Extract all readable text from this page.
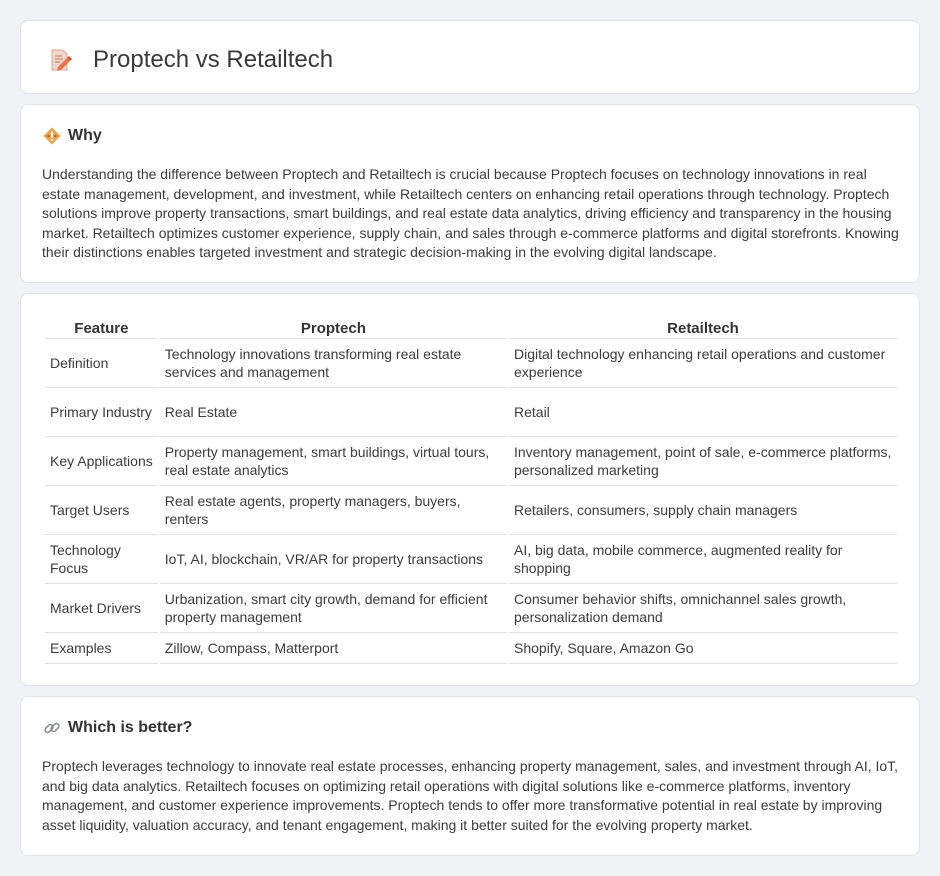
Proptech vs Retailtech
Why

Understanding the difference between Proptech and Retailtech is crucial because Proptech focuses on technology innovations in real estate management, development, and investment, while Retailtech centers on enhancing retail operations through technology. Proptech solutions improve property transactions, smart buildings, and real estate data analytics, driving efficiency and transparency in the housing market. Retailtech optimizes customer experience, supply chain, and sales through e-commerce platforms and digital storefronts. Knowing their distinctions enables targeted investment and strategic decision-making in the evolving digital landscape.

Feature	Proptech	Retailtech
Definition	Technology innovations transforming real estate services and management	Digital technology enhancing retail operations and customer experience
Primary Industry	Real Estate	Retail
Key Applications	Property management, smart buildings, virtual tours, real estate analytics	Inventory management, point of sale, e-commerce platforms, personalized marketing
Target Users	Real estate agents, property managers, buyers, renters	Retailers, consumers, supply chain managers
Technology Focus	IoT, AI, blockchain, VR/AR for property transactions	AI, big data, mobile commerce, augmented reality for shopping
Market Drivers	Urbanization, smart city growth, demand for efficient property management	Consumer behavior shifts, omnichannel sales growth, personalization demand
Examples	Zillow, Compass, Matterport	Shopify, Square, Amazon Go
Which is better?

Proptech leverages technology to innovate real estate processes, enhancing property management, sales, and investment through AI, IoT, and big data analytics. Retailtech focuses on optimizing retail operations with digital solutions like e-commerce platforms, inventory management, and customer experience improvements. Proptech tends to offer more transformative potential in real estate by improving asset liquidity, valuation accuracy, and tenant engagement, making it better suited for the evolving property market.
